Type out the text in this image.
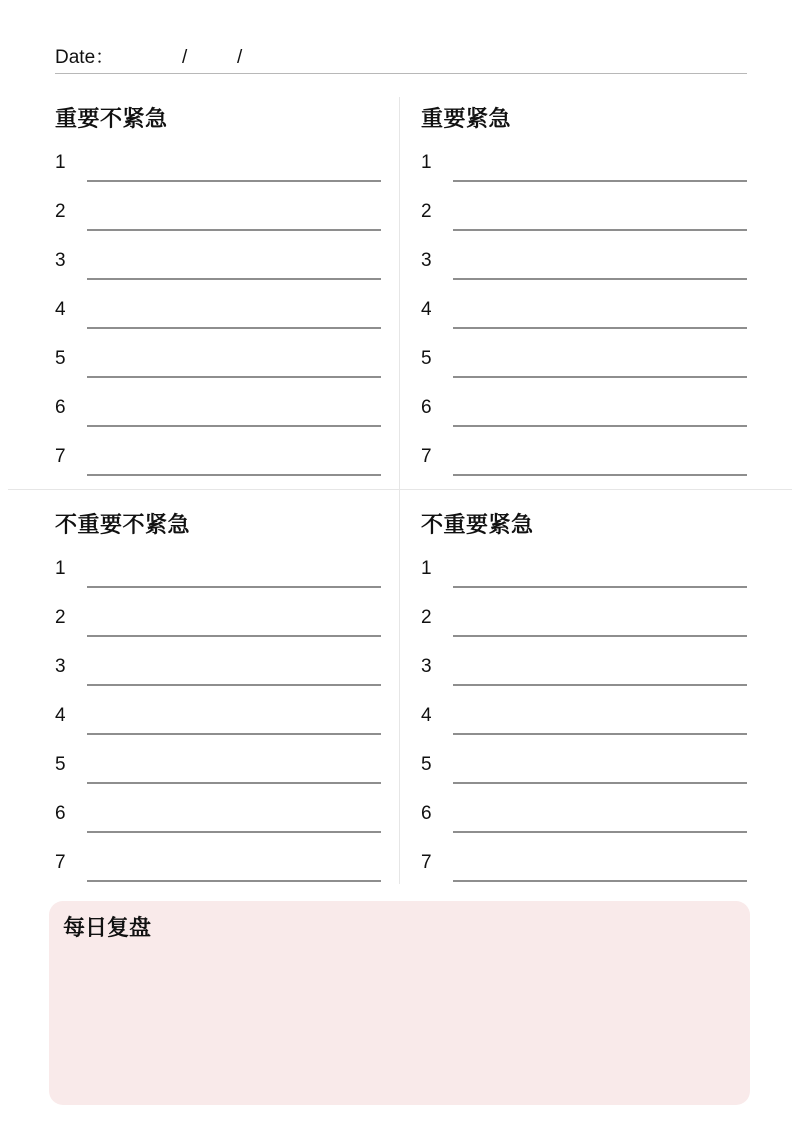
Date：	/	/
重要不紧急
1
2
3
4
5
6
7
重要紧急
1
2
3
4
5
6
7
不重要不紧急
1
2
3
4
5
6
7
不重要紧急
1
2
3
4
5
6
7
每日复盘
